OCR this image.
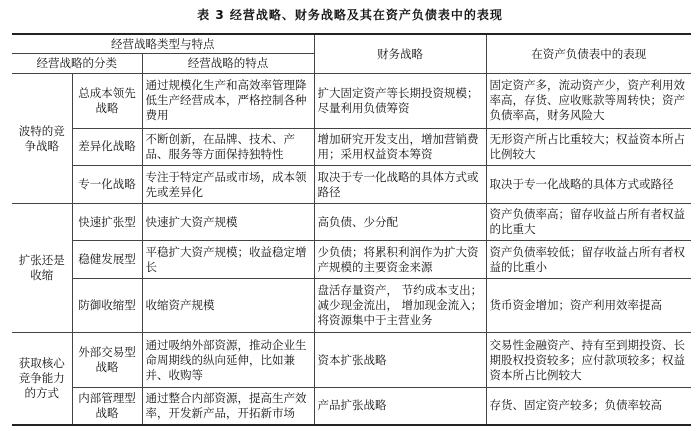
表 3 经营战略、财务战略及其在资产负债表中的表现
经营战略类型与特点			财务战略	在资产负债表中的表现
经营战略的分类		经营战略的特点		
波特的竞争战略	总成本领先战略	通过规模化生产和高效率管理降低生产经营成本，严格控制各种费用	扩大固定资产等长期投资规模；尽量利用负债筹资	固定资产多，流动资产少，资产利用效率高，存货、应收账款等周转快；资产负债率高，财务风险大
	差异化战略	不断创新，在品牌、技术、产品、服务等方面保持独特性	增加研究开发支出，增加营销费用；采用权益资本筹资	无形资产所占比重较大；权益资本所占比例较大
	专一化战略	专注于特定产品或市场，成本领先或差异化	取决于专一化战略的具体方式或路径	取决于专一化战略的具体方式或路径
扩张还是收缩	快速扩张型	快速扩大资产规模	高负债、少分配	资产负债率高；留存收益占所有者权益的比重大
	稳健发展型	平稳扩大资产规模；收益稳定增长	少负债；将累积利润作为扩大资产规模的主要资金来源	资产负债率较低；留存收益占所有者权益的比重小
	防御收缩型	收缩资产规模	盘活存量资产， 节约成本支出；减少现金流出， 增加现金流入；将资源集中于主营业务	货币资金增加；资产利用效率提高
获取核心竞争能力的方式	外部交易型战略	通过吸纳外部资源，推动企业生命周期线的纵向延伸，比如兼并、收购等	资本扩张战略	交易性金融资产、持有至到期投资、长期股权投资较多；应付款项较多；权益资本所占比例较大
	内部管理型战略	通过整合内部资源，提高生产效率，开发新产品，开拓新市场	产品扩张战略	存货、固定资产较多；负债率较高
